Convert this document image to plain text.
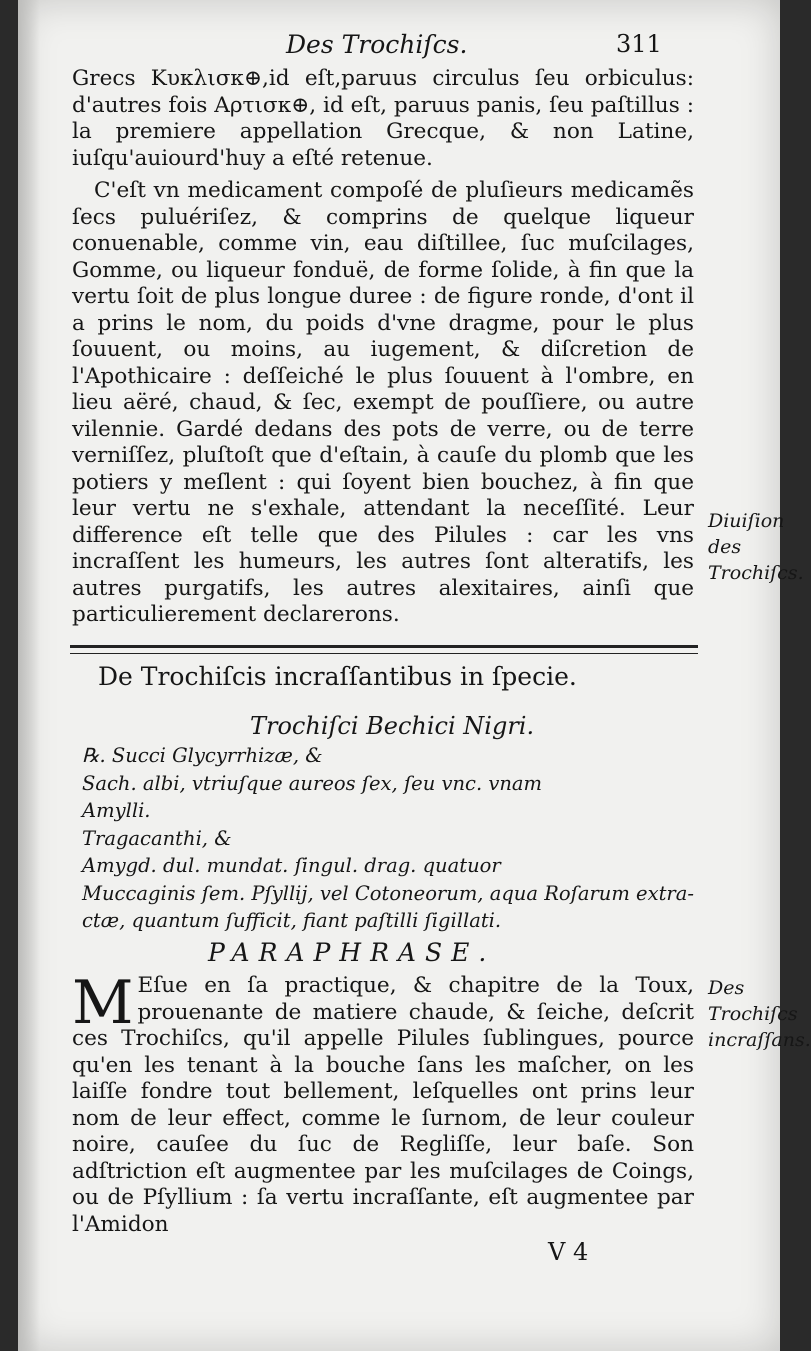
Des Trochiſcs.	311

Grecs Κυκλισκ⊕,id eſt,paruus circulus ſeu orbiculus: d'autres fois Αρτισκ⊕, id eſt, paruus panis, ſeu paſtillus : la premiere appellation Grecque, & non Latine, iuſqu'auiourd'huy a eſté retenue.

C'eſt vn medicament compoſé de pluſieurs medicamẽs ſecs puluériſez, & comprins de quelque liqueur conuenable, comme vin, eau diſtillee, ſuc muſcilages, Gomme, ou liqueur fonduë, de forme ſolide, à fin que la vertu ſoit de plus longue duree : de figure ronde, d'ont il a prins le nom, du poids d'vne dragme, pour le plus ſouuent, ou moins, au iugement, & diſcretion de l'Apothicaire : deſſeiché le plus ſouuent à l'ombre, en lieu aëré, chaud, & ſec, exempt de pouſſiere, ou autre vilennie. Gardé dedans des pots de verre, ou de terre verniſſez, pluſtoſt que d'eſtain, à cauſe du plomb que les potiers y meſlent : qui ſoyent bien bouchez, à fin que leur vertu ne s'exhale, attendant la neceſſité. Leur difference eſt telle que des Pilules : car les vns incraſſent les humeurs, les autres ſont alteratifs, les autres purgatifs, les autres alexitaires, ainſi que particulierement declarerons.

Diuiſion des Trochiſcs.
De Trochiſcis incraſſantibus in ſpecie.
Trochiſci Bechici Nigri.
℞. Succi Glycyrrhizæ, &
Sach. albi, vtriuſque aureos ſex, ſeu vnc. vnam
Amylli.
Tragacanthi, &
Amygd. dul. mundat. ſingul. drag. quatuor
Muccaginis ſem. Pſyllij, vel Cotoneorum, aqua Roſarum extra-
ctæ, quantum ſufficit, fiant paſtilli ſigillati.
PARAPHRASE.
M Eſue en ſa practique, & chapitre de la Toux, prouenante de matiere chaude, & ſeiche, deſcrit ces Trochiſcs, qu'il appelle Pilules ſublingues, pource qu'en les tenant à la bouche ſans les maſcher, on les laiſſe fondre tout bellement, leſquelles ont prins leur nom de leur effect, comme le ſurnom, de leur couleur noire, cauſee du ſuc de Regliſſe, leur baſe. Son adſtriction eſt augmentee par les muſcilages de Coings, ou de Pſyllium : ſa vertu incraſſante, eſt augmentee par l'Amidon

Des Trochiſcs incraſſans.
V 4
